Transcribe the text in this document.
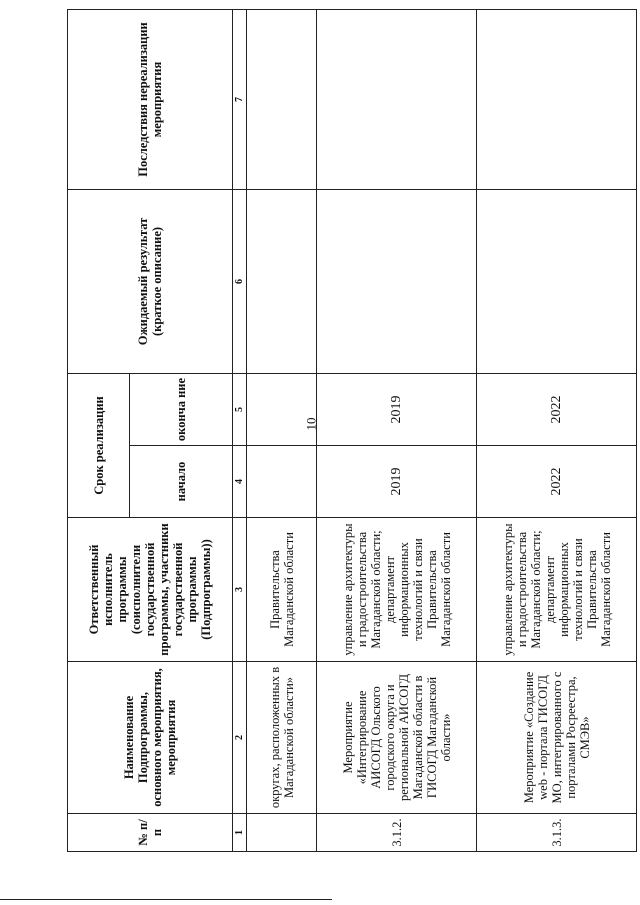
10
№ п/п	Наименование Подпрограммы, основного мероприятия, мероприятия	Ответственный исполнитель программы (соисполнители государственной программы, участники государственной программы (Подпрограммы))	Срок реализации		Ожидаемый результат (краткое описание)	Последствия нереализации мероприятия
			начало	оконча ние		
1	2	3	4	5	6	7
	округах, расположенных в Магаданской области»	Правительства Магаданской области				
3.1.2.	Мероприятие «Интегрирование АИСОГД Ольского городского округа и региональной АИСОГД Магаданской области в ГИСОГД Магаданской области»	управление архитектуры и градостроительства Магаданской области; департамент информационных технологий и связи Правительства Магаданской области	2019	2019		
3.1.3.	Мероприятие «Создание web - портала ГИСОГД МО, интегрированного с порталами Росреестра, СМЭВ»	управление архитектуры и градостроительства Магаданской области; департамент информационных технологий и связи Правительства Магаданской области	2022	2022		
